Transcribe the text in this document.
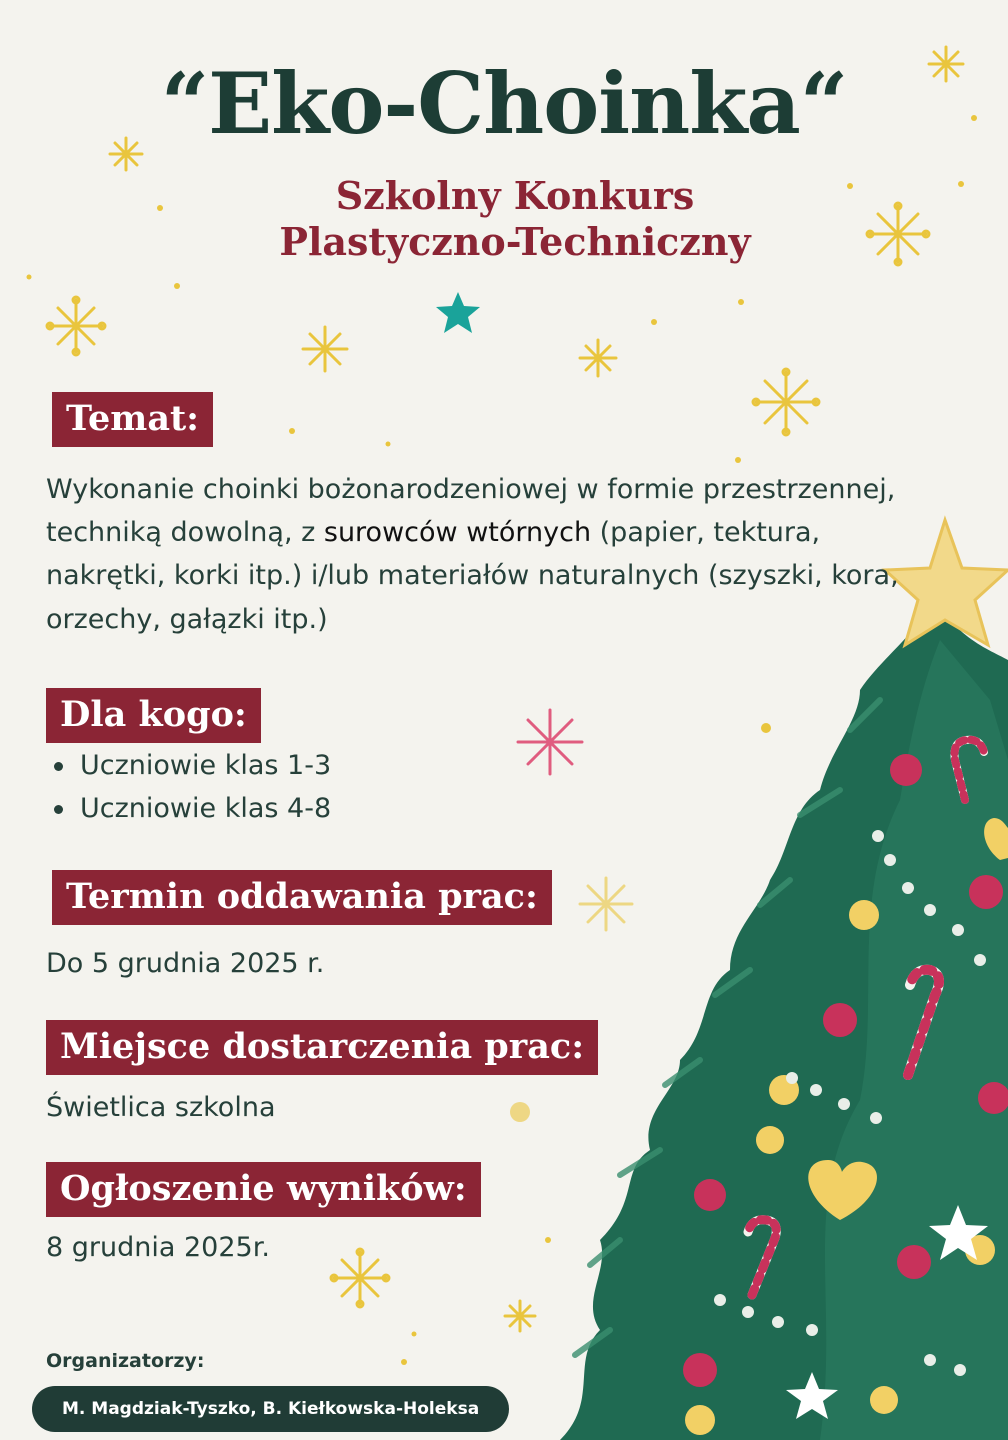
“Eko-Choinka“
Szkolny Konkurs
Plastyczno-Techniczny
Temat:
Wykonanie choinki bożonarodzeniowej w formie przestrzennej, techniką dowolną, z surowców wtórnych (papier, tektura, nakrętki, korki itp.) i/lub materiałów naturalnych (szyszki, kora, orzechy, gałązki itp.)
Dla kogo:
Uczniowie klas 1-3
Uczniowie klas 4-8
Termin oddawania prac:
Do 5 grudnia 2025 r.
Miejsce dostarczenia prac:
Świetlica szkolna
Ogłoszenie wyników:
8 grudnia 2025r.
Organizatorzy:
M. Magdziak-Tyszko, B. Kiełkowska-Holeksa
